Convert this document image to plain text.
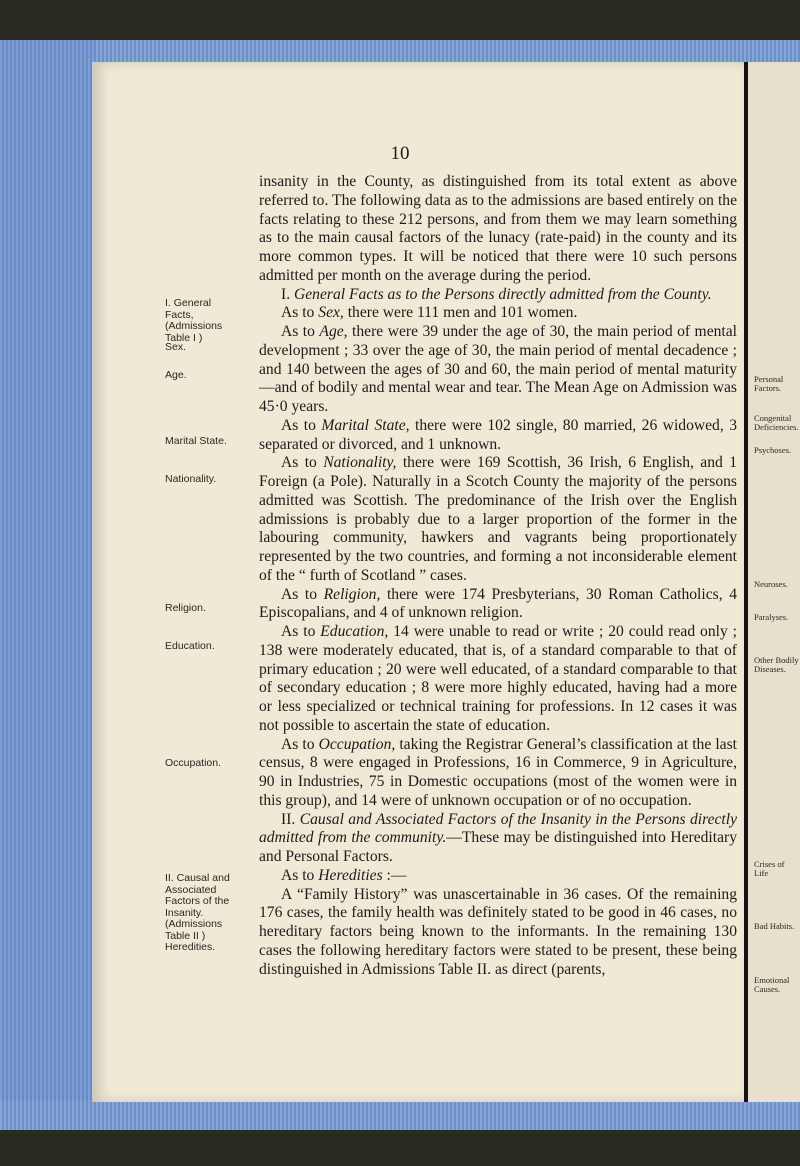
10

insanity in the County, as distinguished from its total extent as above referred to. The following data as to the admissions are based entirely on the facts relating to these 212 persons, and from them we may learn something as to the main causal factors of the lunacy (rate-paid) in the county and its more common types. It will be noticed that there were 10 such persons admitted per month on the average during the period.

I. General Facts as to the Persons directly admitted from the County.

As to Sex, there were 111 men and 101 women.

As to Age, there were 39 under the age of 30, the main period of mental development ; 33 over the age of 30, the main period of mental decadence ; and 140 between the ages of 30 and 60, the main period of mental maturity—and of bodily and mental wear and tear. The Mean Age on Admission was 45·0 years.

As to Marital State, there were 102 single, 80 married, 26 widowed, 3 separated or divorced, and 1 unknown.

As to Nationality, there were 169 Scottish, 36 Irish, 6 English, and 1 Foreign (a Pole). Naturally in a Scotch County the majority of the persons admitted was Scottish. The predominance of the Irish over the English admissions is probably due to a larger proportion of the former in the labouring community, hawkers and vagrants being proportionately represented by the two countries, and forming a not inconsiderable element of the “ furth of Scotland ” cases.

As to Religion, there were 174 Presbyterians, 30 Roman Catholics, 4 Episcopalians, and 4 of unknown religion.

As to Education, 14 were unable to read or write ; 20 could read only ; 138 were moderately educated, that is, of a standard comparable to that of primary education ; 20 were well educated, of a standard comparable to that of secondary education ; 8 were more highly educated, having had a more or less specialized or technical training for professions. In 12 cases it was not possible to ascertain the state of education.

As to Occupation, taking the Registrar General’s classification at the last census, 8 were engaged in Professions, 16 in Commerce, 9 in Agriculture, 90 in Industries, 75 in Domestic occupations (most of the women were in this group), and 14 were of unknown occupation or of no occupation.

II. Causal and Associated Factors of the Insanity in the Persons directly admitted from the community.—These may be distinguished into Hereditary and Personal Factors.

As to Heredities :—

A “Family History” was unascertainable in 36 cases. Of the remaining 176 cases, the family health was definitely stated to be good in 46 cases, no hereditary factors being known to the informants. In the remaining 130 cases the following hereditary factors were stated to be present, these being distinguished in Admissions Table II. as direct (parents,

I. General
Facts,
(Admissions
Table I )
Sex.
Age.
Marital State.
Nationality.
Religion.
Education.
Occupation.
II. Causal and
Associated
Factors of the
Insanity.
(Admissions
Table II )
Heredities.
Personal
Factors.
Congenital
Deficiencies.
Psychoses.
Neuroses.
Paralyses.
Other Bodily
Diseases.
Crises of Life
Bad Habits.
Emotional
Causes.
